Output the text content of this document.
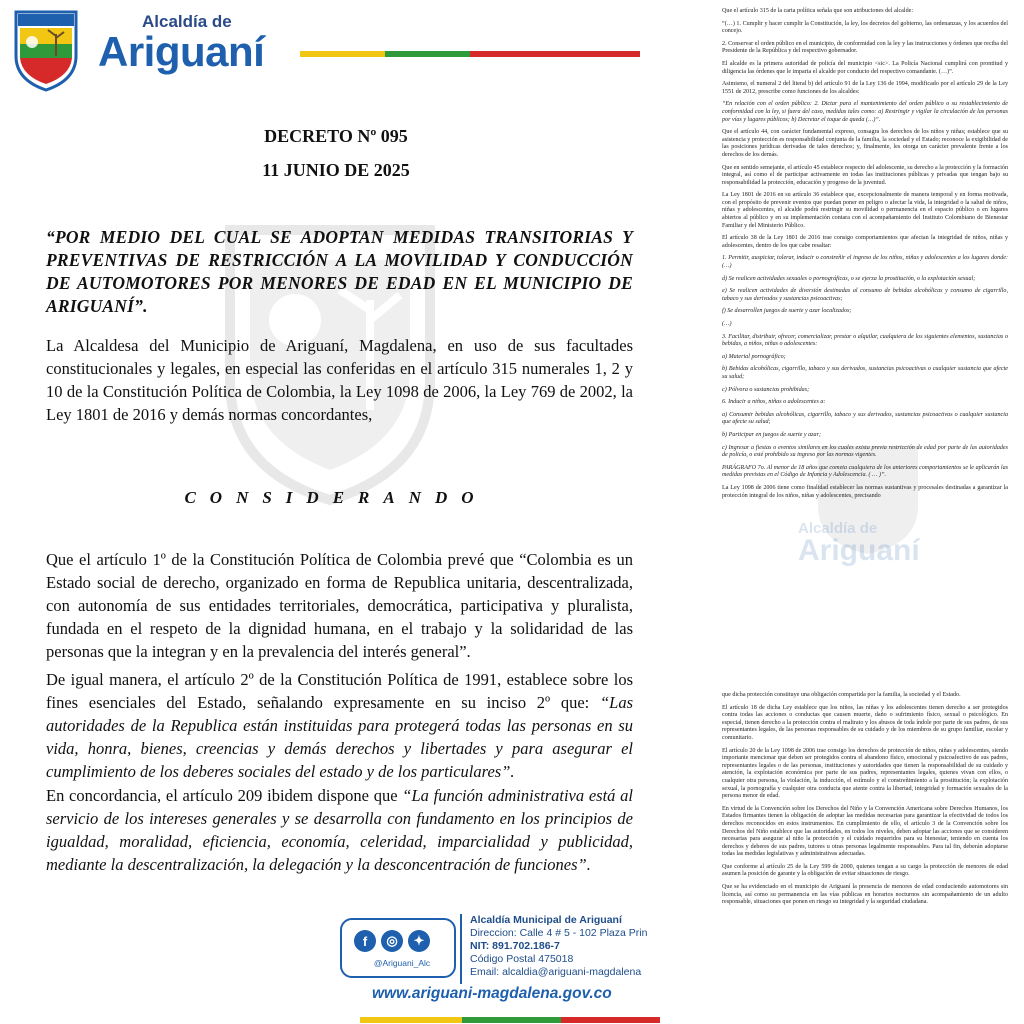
Alcaldía de
Ariguaní
DECRETO Nº 095
11 JUNIO DE 2025
“POR MEDIO DEL CUAL SE ADOPTAN MEDIDAS TRANSITORIAS Y PREVENTIVAS DE RESTRICCIÓN A LA MOVILIDAD Y CONDUCCIÓN DE AUTOMOTORES POR MENORES DE EDAD EN EL MUNICIPIO DE ARIGUANÍ”.
La Alcaldesa del Municipio de Ariguaní, Magdalena, en uso de sus facultades constitucionales y legales, en especial las conferidas en el artículo 315 numerales 1, 2 y 10 de la Constitución Política de Colombia, la Ley 1098 de 2006, la Ley 769 de 2002, la Ley 1801 de 2016 y demás normas concordantes,
CONSIDERANDO
Que el artículo 1º de la Constitución Política de Colombia prevé que “Colombia es un Estado social de derecho, organizado en forma de Republica unitaria, descentralizada, con autonomía de sus entidades territoriales, democrática, participativa y pluralista, fundada en el respeto de la dignidad humana, en el trabajo y la solidaridad de las personas que la integran y en la prevalencia del interés general”.
De igual manera, el artículo 2º de la Constitución Política de 1991, establece sobre los fines esenciales del Estado, señalando expresamente en su inciso 2º que: “Las autoridades de la Republica están instituidas para protegerá todas las personas en su vida, honra, bienes, creencias y demás derechos y libertades y para asegurar el cumplimiento de los deberes sociales del estado y de los particulares”.
En concordancia, el artículo 209 ibidem dispone que “La función administrativa está al servicio de los intereses generales y se desarrolla con fundamento en los principios de igualdad, moralidad, eficiencia, economía, celeridad, imparcialidad y publicidad, mediante la descentralización, la delegación y la desconcentración de funciones”.
f	◎	✦
@Ariguani_Alc
Alcaldía Municipal de Ariguaní
Direccion: Calle 4 # 5 - 102 Plaza Prin
NIT: 891.702.186-7
Código Postal 475018
Email: alcaldia@ariguani-magdalena
www.ariguani-magdalena.gov.co
Alcaldía de
Ariguaní

Que el artículo 315 de la carta política señala que son atribuciones del alcalde:

“(…) 1. Cumplir y hacer cumplir la Constitución, la ley, los decretos del gobierno, las ordenanzas, y los acuerdos del concejo.

2. Conservar el orden público en el municipio, de conformidad con la ley y las instrucciones y órdenes que reciba del Presidente de la República y del respectivo gobernador.

El alcalde es la primera autoridad de policía del municipio <sic>. La Policía Nacional cumplirá con prontitud y diligencia las órdenes que le imparta el alcalde por conducto del respectivo comandante. (…)”.

Asimismo, el numeral 2 del literal b) del artículo 91 de la Ley 136 de 1994, modificado por el artículo 29 de la Ley 1551 de 2012, prescribe como funciones de los alcaldes:

“En relación con el orden público: 2. Dictar para el mantenimiento del orden público o su restablecimiento de conformidad con la ley, si fuera del caso, medidas tales como: a) Restringir y vigilar la circulación de las personas por vías y lugares públicos; b) Decretar el toque de queda (…)”.

Que el artículo 44, con carácter fundamental expreso, consagra los derechos de los niños y niñas; establece que su asistencia y protección es responsabilidad conjunta de la familia, la sociedad y el Estado; reconoce la exigibilidad de las posiciones jurídicas derivadas de tales derechos; y, finalmente, les otorga un carácter prevalente frente a los derechos de los demás.

Que en sentido semejante, el artículo 45 establece respecto del adolescente, su derecho a la protección y la formación integral, así como el de participar activamente en todas las instituciones públicas y privadas que tengan bajo su responsabilidad la protección, educación y progreso de la juventud.

La Ley 1801 de 2016 en su artículo 36 establece que, excepcionalmente de manera temporal y en forma motivada, con el propósito de prevenir eventos que puedan poner en peligro o afectar la vida, la integridad o la salud de niños, niñas y adolescentes, el alcalde podrá restringir su movilidad o permanencia en el espacio público o en lugares abiertos al público y en su implementación contara con el acompañamiento del Instituto Colombiano de Bienestar Familiar y del Ministerio Público.

El artículo 38 de la Ley 1801 de 2016 trae consigo comportamientos que afectan la integridad de niños, niñas y adolescentes, dentro de los que cabe resaltar:

1. Permitir, auspiciar, tolerar, inducir o constreñir el ingreso de los niños, niñas y adolescentes a los lugares donde: (…)

d) Se realicen actividades sexuales o pornográficas, o se ejerza la prostitución, o la explotación sexual;

e) Se realicen actividades de diversión destinadas al consumo de bebidas alcohólicas y consumo de cigarrillo, tabaco y sus derivados y sustancias psicoactivas;

f) Se desarrollen juegos de suerte y azar localizados;

(…)

3. Facilitar, distribuir, ofrecer, comercializar, prestar o alquilar, cualquiera de los siguientes elementos, sustancias o bebidas, a niños, niñas o adolescentes:

a) Material pornográfico;

b) Bebidas alcohólicas, cigarrillo, tabaco y sus derivados, sustancias psicoactivas o cualquier sustancia que afecte su salud;

c) Pólvora o sustancias prohibidas;

6. Inducir a niños, niñas o adolescentes a:

a) Consumir bebidas alcohólicas, cigarrillo, tabaco y sus derivados, sustancias psicoactivas o cualquier sustancia que afecte su salud;

b) Participar en juegos de suerte y azar;

c) Ingresar a fiestas o eventos similares en los cuales exista previa restricción de edad por parte de las autoridades de policía, o esté prohibido su ingreso por las normas vigentes.

PARÁGRAFO 7o. Al menor de 18 años que cometa cualquiera de los anteriores comportamientos se le aplicarán las medidas previstas en el Código de Infancia y Adolescencia. ( … )”.

La Ley 1098 de 2006 tiene como finalidad establecer las normas sustantivas y procesales destinadas a garantizar la protección integral de los niños, niñas y adolescentes, precisando

que dicha protección constituye una obligación compartida por la familia, la sociedad y el Estado.

El artículo 18 de dicha Ley establece que los niños, las niñas y los adolescentes tienen derecho a ser protegidos contra todas las acciones o conductas que causen muerte, daño o sufrimiento físico, sexual o psicológico. En especial, tienen derecho a la protección contra el maltrato y los abusos de toda índole por parte de sus padres, de sus representantes legales, de las personas responsables de su cuidado y de los miembros de su grupo familiar, escolar y comunitario.

El artículo 20 de la Ley 1098 de 2006 trae consigo los derechos de protección de niños, niñas y adolescentes, siendo importante mencionar que deben ser protegidos contra el abandono físico, emocional y psicoafectivo de sus padres, representantes legales o de las personas, instituciones y autoridades que tienen la responsabilidad de su cuidado y atención, la explotación económica por parte de sus padres, representantes legales, quienes vivan con ellos, o cualquier otra persona, la violación, la inducción, el estímulo y el constreñimiento a la prostitución; la explotación sexual, la pornografía y cualquier otra conducta que atente contra la libertad, integridad y formación sexuales de la persona menor de edad.

En virtud de la Convención sobre los Derechos del Niño y la Convención Americana sobre Derechos Humanos, los Estados firmantes tienen la obligación de adoptar las medidas necesarias para garantizar la efectividad de todos los derechos reconocidos en estos instrumentos. En cumplimiento de ello, el artículo 3 de la Convención sobre los Derechos del Niño establece que las autoridades, en todos los niveles, deben adoptar las acciones que se consideren necesarias para asegurar al niño la protección y el cuidado requeridos para su bienestar, teniendo en cuenta los derechos y deberes de sus padres, tutores u otras personas legalmente responsables. Para tal fin, deberán adoptarse todas las medidas legislativas y administrativas adecuadas.

Que conforme al artículo 25 de la Ley 599 de 2000, quienes tengan a su cargo la protección de menores de edad asumen la posición de garante y la obligación de evitar situaciones de riesgo.

Que se ha evidenciado en el municipio de Ariguaní la presencia de menores de edad conduciendo automotores sin licencia, así como su permanencia en las vías públicas en horarios nocturnos sin acompañamiento de un adulto responsable, situaciones que ponen en riesgo su integridad y la seguridad ciudadana.
